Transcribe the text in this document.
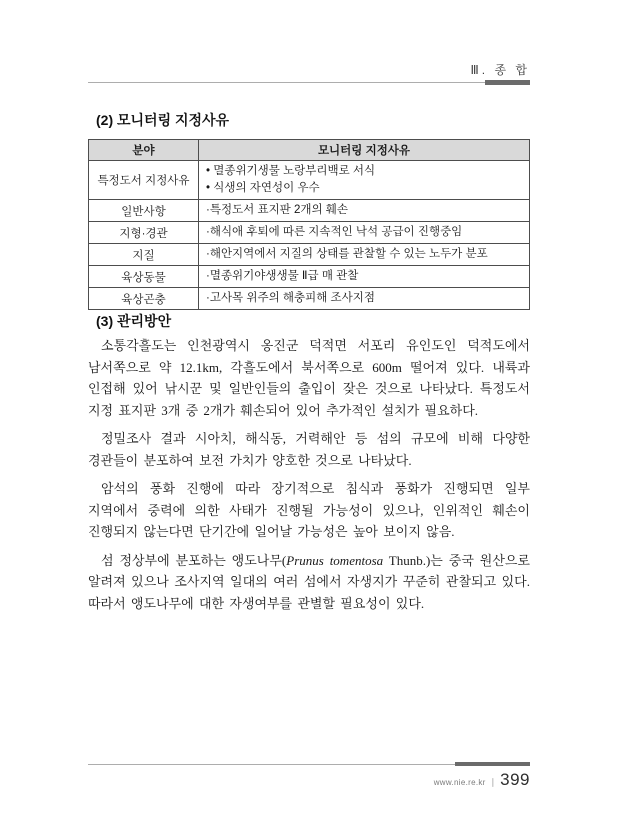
Ⅲ. 종 합
(2) 모니터링 지정사유
분야	모니터링 지정사유
특정도서 지정사유	• 멸종위기생물 노랑부리백로 서식
• 식생의 자연성이 우수

일반사항	·특정도서 표지판 2개의 훼손
지형·경관	·해식애 후퇴에 따른 지속적인 낙석 공급이 진행중임
지질	·해안지역에서 지질의 상태를 관찰할 수 있는 노두가 분포
육상동물	·멸종위기야생생물 Ⅱ급 매 관찰
육상곤충	·고사목 위주의 해충피해 조사지점
(3) 관리방안

소통각흘도는 인천광역시 옹진군 덕적면 서포리 유인도인 덕적도에서 남서쪽으로 약 12.1km, 각흘도에서 북서쪽으로 600m 떨어져 있다. 내륙과 인접해 있어 낚시꾼 및 일반인들의 출입이 잦은 것으로 나타났다. 특정도서 지정 표지판 3개 중 2개가 훼손되어 있어 추가적인 설치가 필요하다.

정밀조사 결과 시아치, 해식동, 거력해안 등 섬의 규모에 비해 다양한 경관들이 분포하여 보전 가치가 양호한 것으로 나타났다.

암석의 풍화 진행에 따라 장기적으로 침식과 풍화가 진행되면 일부 지역에서 중력에 의한 사태가 진행될 가능성이 있으나, 인위적인 훼손이 진행되지 않는다면 단기간에 일어날 가능성은 높아 보이지 않음.

섬 정상부에 분포하는 앵도나무(Prunus tomentosa Thunb.)는 중국 원산으로 알려져 있으나 조사지역 일대의 여러 섬에서 자생지가 꾸준히 관찰되고 있다. 따라서 앵도나무에 대한 자생여부를 관별할 필요성이 있다.

www.nie.re.kr ∣ 399
